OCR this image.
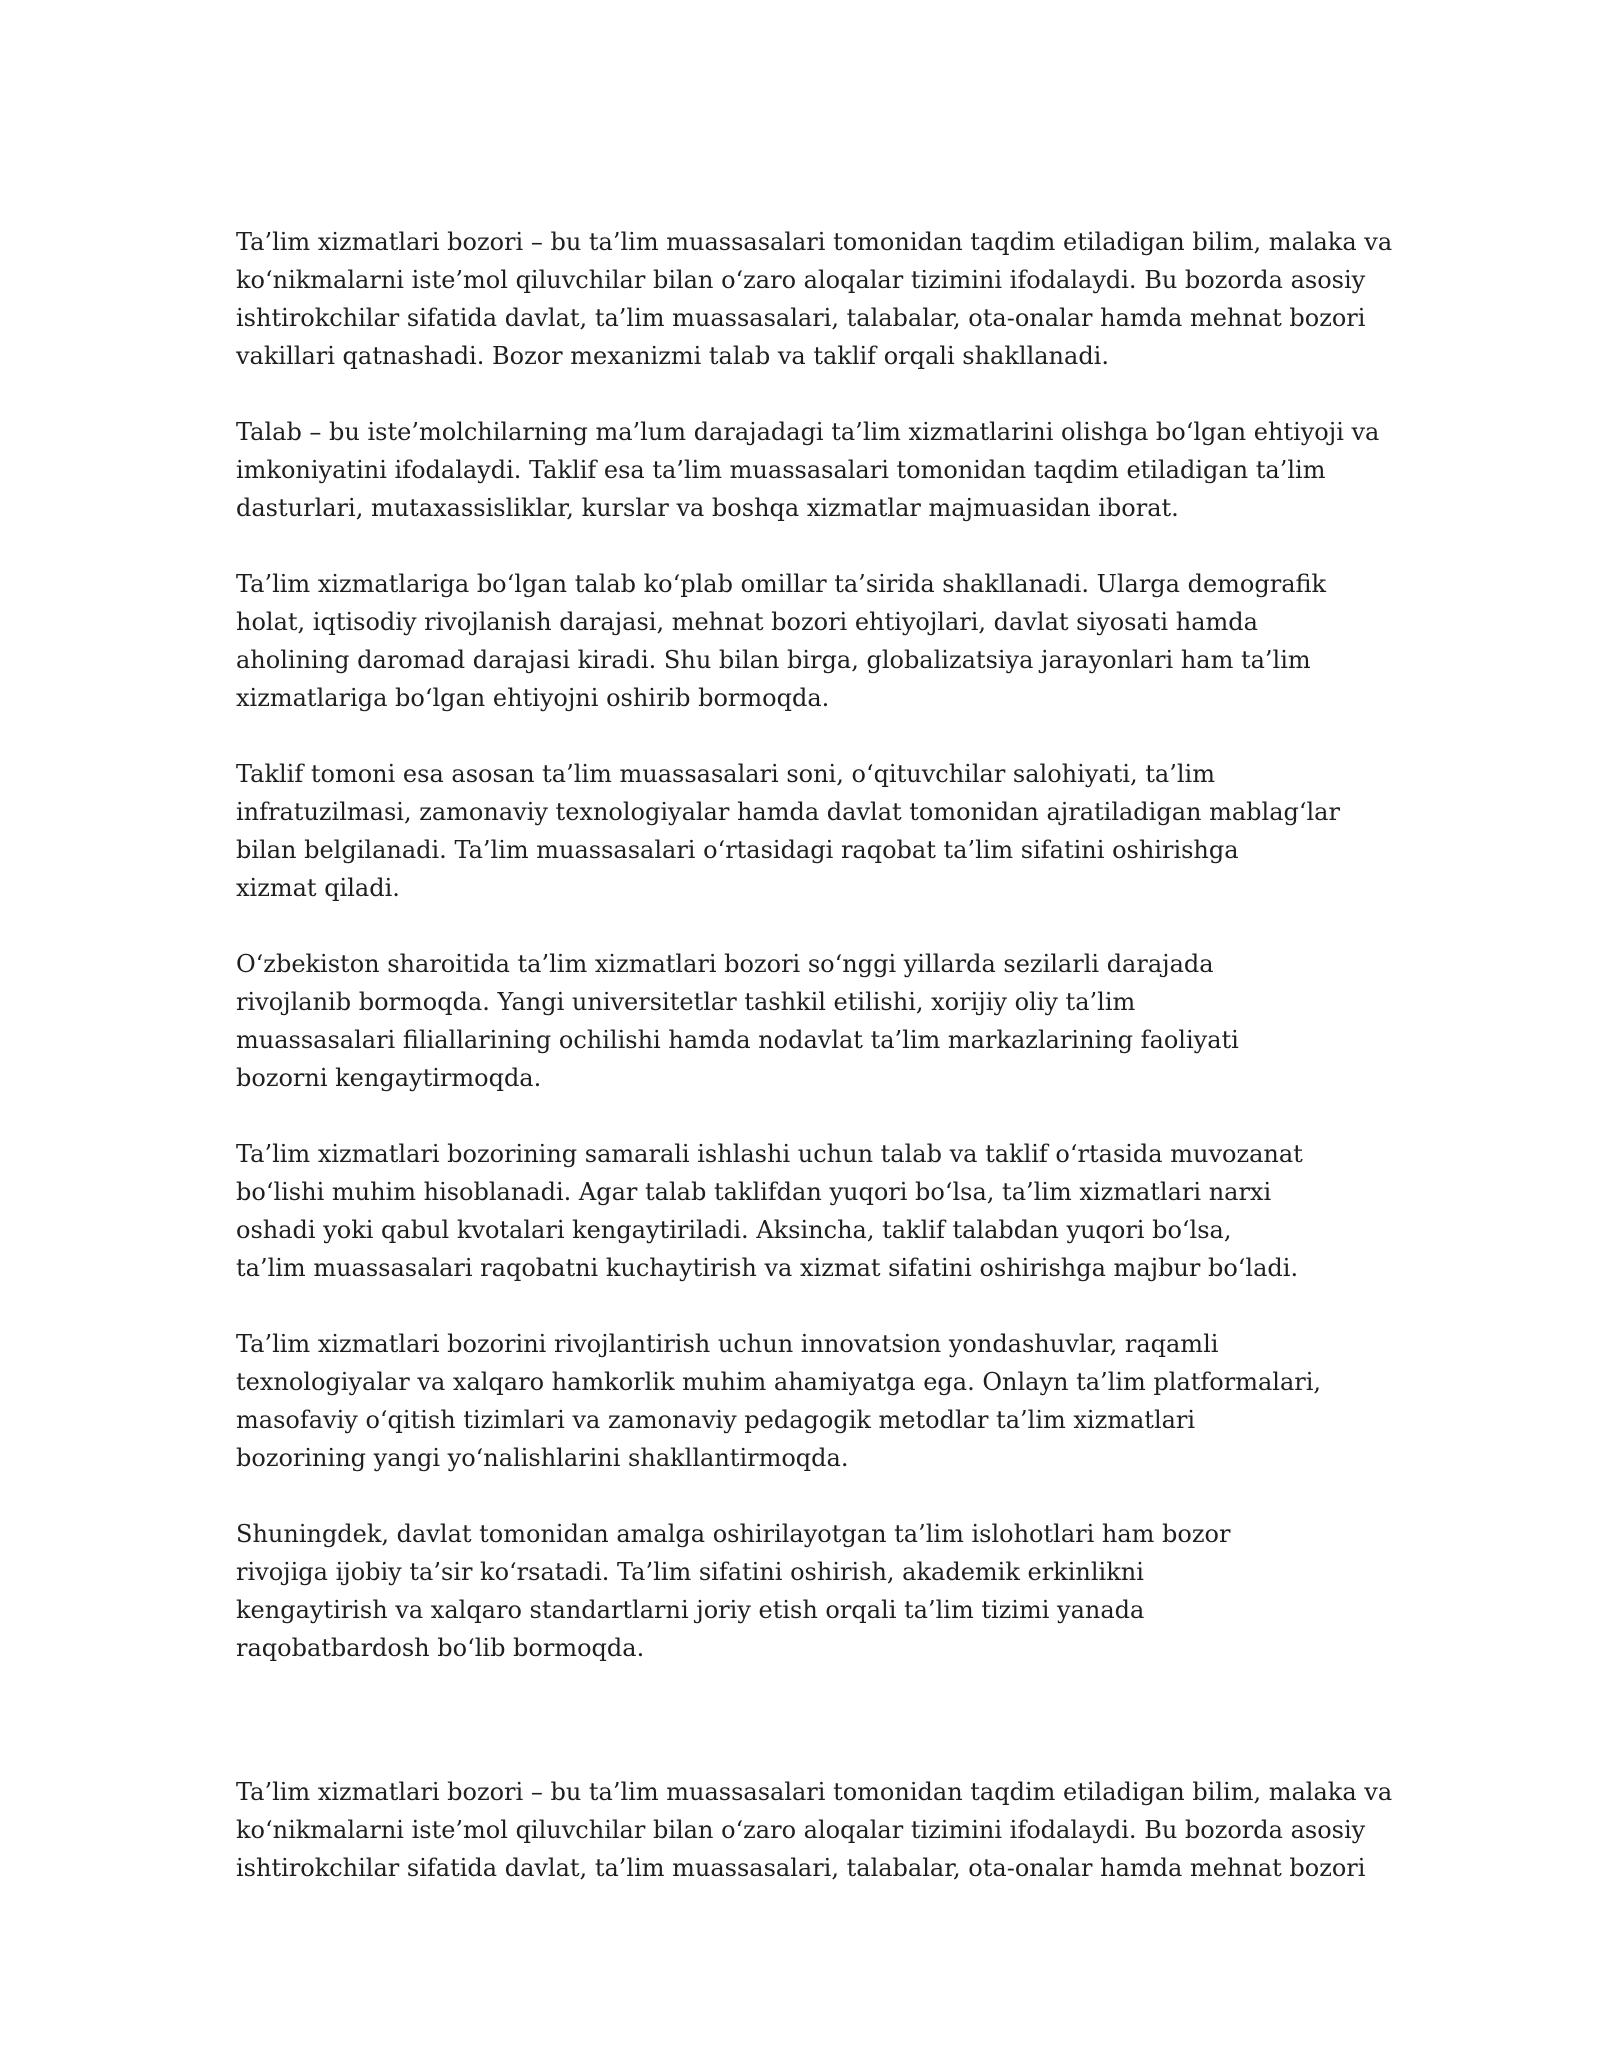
Ta’lim xizmatlari bozori – bu ta’lim muassasalari tomonidan taqdim etiladigan bilim, malaka va
ko‘nikmalarni iste’mol qiluvchilar bilan o‘zaro aloqalar tizimini ifodalaydi. Bu bozorda asosiy
ishtirokchilar sifatida davlat, ta’lim muassasalari, talabalar, ota-onalar hamda mehnat bozori
vakillari qatnashadi. Bozor mexanizmi talab va taklif orqali shakllanadi.
Talab – bu iste’molchilarning ma’lum darajadagi ta’lim xizmatlarini olishga bo‘lgan ehtiyoji va
imkoniyatini ifodalaydi. Taklif esa ta’lim muassasalari tomonidan taqdim etiladigan ta’lim
dasturlari, mutaxassisliklar, kurslar va boshqa xizmatlar majmuasidan iborat.
Ta’lim xizmatlariga bo‘lgan talab ko‘plab omillar ta’sirida shakllanadi. Ularga demografik
holat, iqtisodiy rivojlanish darajasi, mehnat bozori ehtiyojlari, davlat siyosati hamda
aholining daromad darajasi kiradi. Shu bilan birga, globalizatsiya jarayonlari ham ta’lim
xizmatlariga bo‘lgan ehtiyojni oshirib bormoqda.
Taklif tomoni esa asosan ta’lim muassasalari soni, o‘qituvchilar salohiyati, ta’lim
infratuzilmasi, zamonaviy texnologiyalar hamda davlat tomonidan ajratiladigan mablag‘lar
bilan belgilanadi. Ta’lim muassasalari o‘rtasidagi raqobat ta’lim sifatini oshirishga
xizmat qiladi.
O‘zbekiston sharoitida ta’lim xizmatlari bozori so‘nggi yillarda sezilarli darajada
rivojlanib bormoqda. Yangi universitetlar tashkil etilishi, xorijiy oliy ta’lim
muassasalari filiallarining ochilishi hamda nodavlat ta’lim markazlarining faoliyati
bozorni kengaytirmoqda.
Ta’lim xizmatlari bozorining samarali ishlashi uchun talab va taklif o‘rtasida muvozanat
bo‘lishi muhim hisoblanadi. Agar talab taklifdan yuqori bo‘lsa, ta’lim xizmatlari narxi
oshadi yoki qabul kvotalari kengaytiriladi. Aksincha, taklif talabdan yuqori bo‘lsa,
ta’lim muassasalari raqobatni kuchaytirish va xizmat sifatini oshirishga majbur bo‘ladi.
Ta’lim xizmatlari bozorini rivojlantirish uchun innovatsion yondashuvlar, raqamli
texnologiyalar va xalqaro hamkorlik muhim ahamiyatga ega. Onlayn ta’lim platformalari,
masofaviy o‘qitish tizimlari va zamonaviy pedagogik metodlar ta’lim xizmatlari
bozorining yangi yo‘nalishlarini shakllantirmoqda.
Shuningdek, davlat tomonidan amalga oshirilayotgan ta’lim islohotlari ham bozor
rivojiga ijobiy ta’sir ko‘rsatadi. Ta’lim sifatini oshirish, akademik erkinlikni
kengaytirish va xalqaro standartlarni joriy etish orqali ta’lim tizimi yanada
raqobatbardosh bo‘lib bormoqda.
Ta’lim xizmatlari bozori – bu ta’lim muassasalari tomonidan taqdim etiladigan bilim, malaka va
ko‘nikmalarni iste’mol qiluvchilar bilan o‘zaro aloqalar tizimini ifodalaydi. Bu bozorda asosiy
ishtirokchilar sifatida davlat, ta’lim muassasalari, talabalar, ota-onalar hamda mehnat bozori
